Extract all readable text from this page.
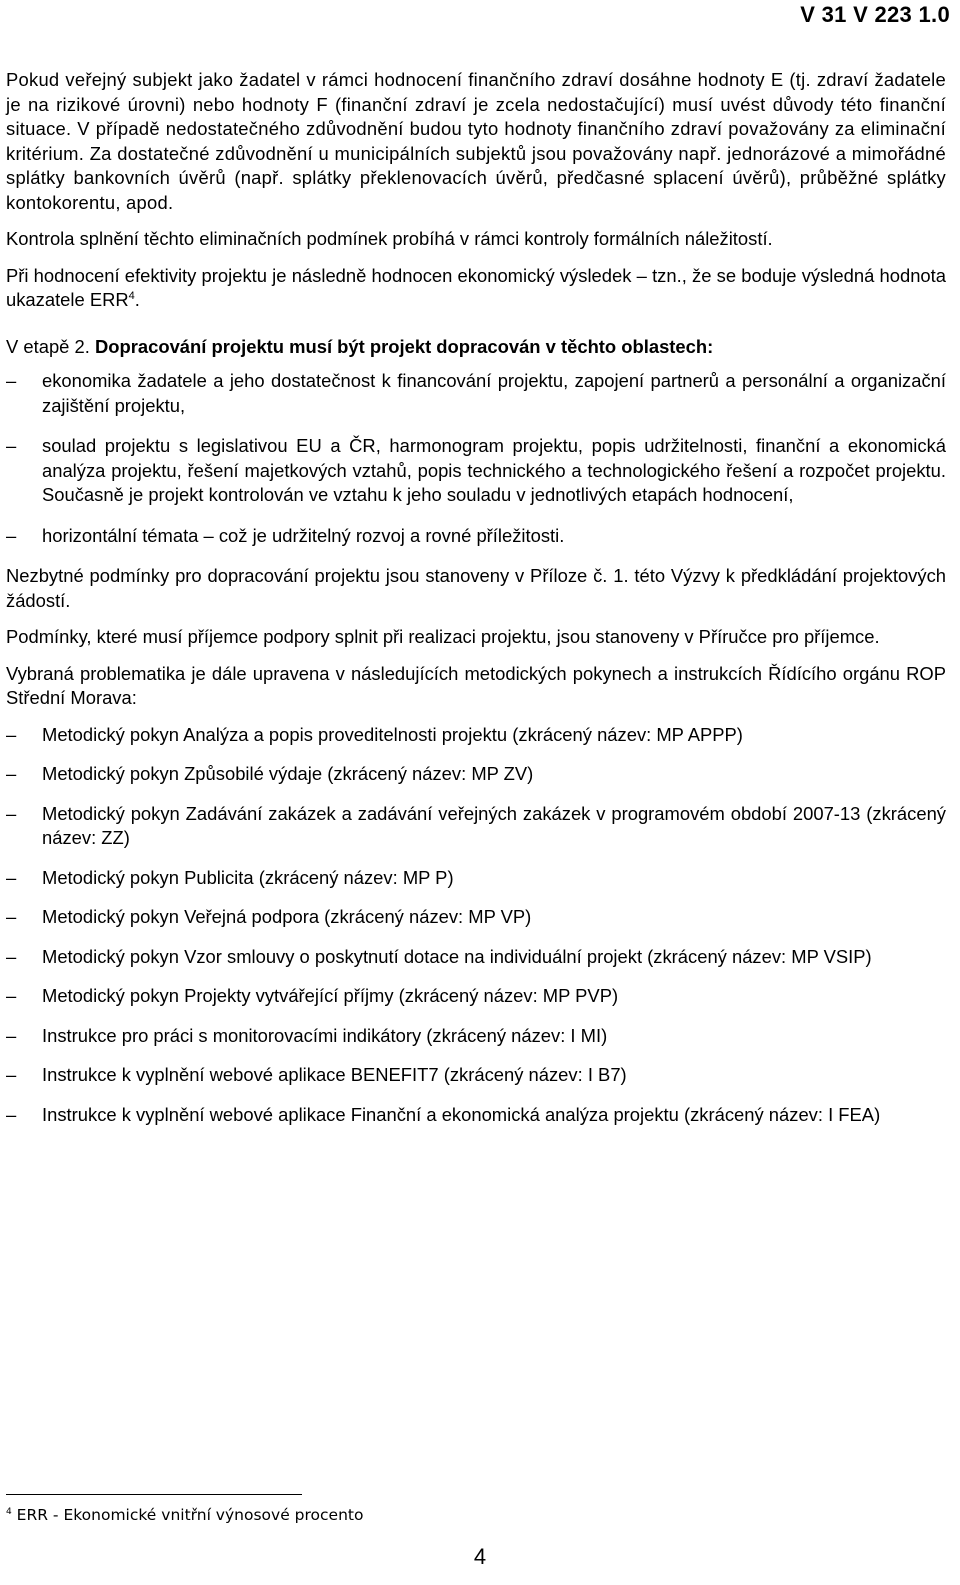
V 31 V 223 1.0

Pokud veřejný subjekt jako žadatel v rámci hodnocení finančního zdraví dosáhne hodnoty E (tj. zdraví žadatele je na rizikové úrovni) nebo hodnoty F (finanční zdraví je zcela nedostačující) musí uvést důvody této finanční situace. V případě nedostatečného zdůvodnění budou tyto hodnoty finančního zdraví považovány za eliminační kritérium. Za dostatečné zdůvodnění u municipálních subjektů jsou považovány např. jednorázové a mimořádné splátky bankovních úvěrů (např. splátky překlenovacích úvěrů, předčasné splacení úvěrů), průběžné splátky kontokorentu, apod.

Kontrola splnění těchto eliminačních podmínek probíhá v rámci kontroly formálních náležitostí.

Při hodnocení efektivity projektu je následně hodnocen ekonomický výsledek – tzn., že se boduje výsledná hodnota ukazatele ERR$^4$.

V etapě 2. Dopracování projektu musí být projekt dopracován v těchto oblastech:

–	ekonomika žadatele a jeho dostatečnost k financování projektu, zapojení partnerů a personální a organizační zajištění projektu,
–	soulad projektu s legislativou EU a ČR, harmonogram projektu, popis udržitelnosti, finanční a ekonomická analýza projektu, řešení majetkových vztahů, popis technického a technologického řešení a rozpočet projektu. Současně je projekt kontrolován ve vztahu k jeho souladu v jednotlivých etapách hodnocení,
–	horizontální témata – což je udržitelný rozvoj a rovné příležitosti.

Nezbytné podmínky pro dopracování projektu jsou stanoveny v Příloze č. 1. této Výzvy k předkládání projektových žádostí.

Podmínky, které musí příjemce podpory splnit při realizaci projektu, jsou stanoveny v Příručce pro příjemce.

Vybraná problematika je dále upravena v následujících metodických pokynech a instrukcích Řídícího orgánu ROP Střední Morava:

–	Metodický pokyn Analýza a popis proveditelnosti projektu (zkrácený název: MP APPP)
–	Metodický pokyn Způsobilé výdaje (zkrácený název: MP ZV)
–	Metodický pokyn Zadávání zakázek a zadávání veřejných zakázek v programovém období 2007-13 (zkrácený název: ZZ)
–	Metodický pokyn Publicita (zkrácený název: MP P)
–	Metodický pokyn Veřejná podpora (zkrácený název: MP VP)
–	Metodický pokyn Vzor smlouvy o poskytnutí dotace na individuální projekt (zkrácený název: MP VSIP)
–	Metodický pokyn Projekty vytvářející příjmy (zkrácený název: MP PVP)
–	Instrukce pro práci s monitorovacími indikátory (zkrácený název: I MI)
–	Instrukce k vyplnění webové aplikace BENEFIT7 (zkrácený název: I B7)
–	Instrukce k vyplnění webové aplikace Finanční a ekonomická analýza projektu (zkrácený název: I FEA)
$^4$ ERR - Ekonomické vnitřní výnosové procento
4
